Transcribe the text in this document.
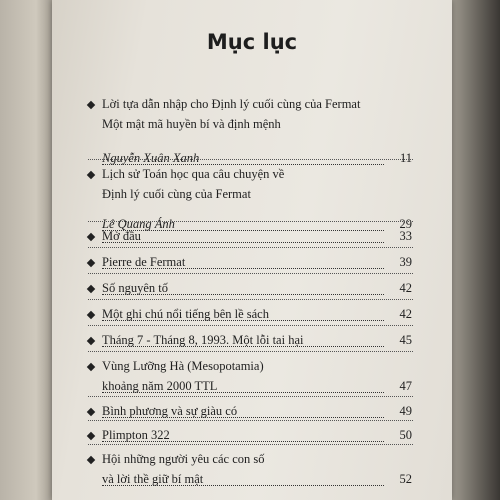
Mục lục
Lời tựa dẫn nhập cho Định lý cuối cùng của Fermat
Một mật mã huyền bí và định mệnh
Nguyễn Xuân Xanh	11
Lịch sử Toán học qua câu chuyện về
Định lý cuối cùng của Fermat
Lê Quang Ánh	29
Mở đầu	33
Pierre de Fermat	39
Số nguyên tố	42
Một ghi chú nổi tiếng bên lề sách	42
Tháng 7 - Tháng 8, 1993. Một lỗi tai hại	45
Vùng Lưỡng Hà (Mesopotamia)
khoảng năm 2000 TTL	47
Bình phương và sự giàu có	49
Plimpton 322	50
Hội những người yêu các con số
và lời thề giữ bí mật	52
